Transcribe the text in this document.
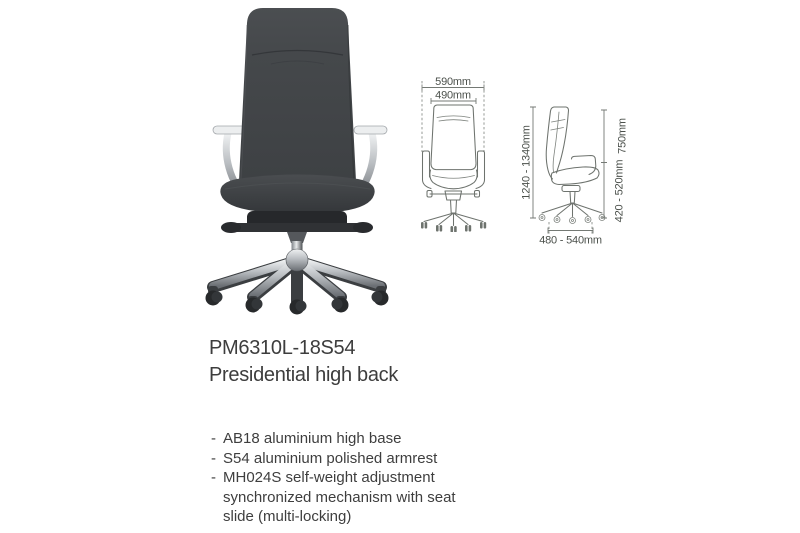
590mm
490mm
1240 - 1340mm	750mm
420 - 520mm
480 - 540mm

PM6310L-18S54

Presidential high back

- AB18 aluminium high base
- S54 aluminium polished armrest
- MH024S self-weight adjustment synchronized mechanism with seat slide (multi-locking)
